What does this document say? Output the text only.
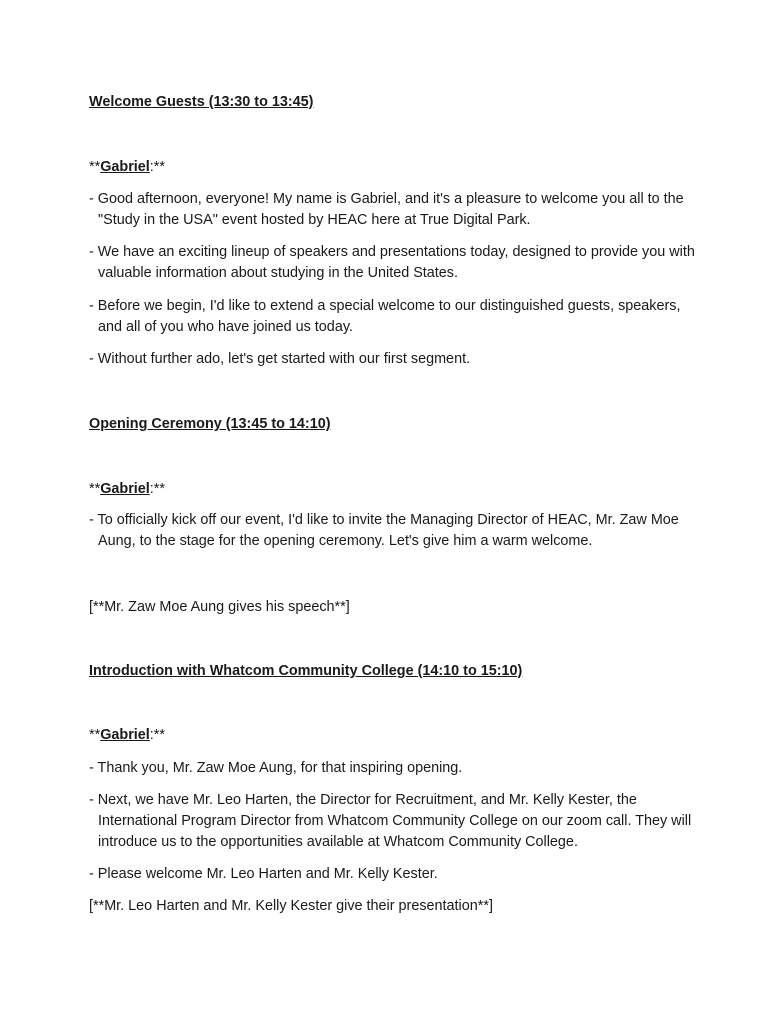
Welcome Guests (13:30 to 13:45)
**Gabriel:**
- Good afternoon, everyone! My name is Gabriel, and it's a pleasure to welcome you all to the "Study in the USA" event hosted by HEAC here at True Digital Park.
- We have an exciting lineup of speakers and presentations today, designed to provide you with valuable information about studying in the United States.
- Before we begin, I'd like to extend a special welcome to our distinguished guests, speakers, and all of you who have joined us today.
- Without further ado, let's get started with our first segment.
Opening Ceremony (13:45 to 14:10)
**Gabriel:**
- To officially kick off our event, I'd like to invite the Managing Director of HEAC, Mr. Zaw Moe Aung, to the stage for the opening ceremony. Let's give him a warm welcome.
[**Mr. Zaw Moe Aung gives his speech**]
Introduction with Whatcom Community College (14:10 to 15:10)
**Gabriel:**
- Thank you, Mr. Zaw Moe Aung, for that inspiring opening.
- Next, we have Mr. Leo Harten, the Director for Recruitment, and Mr. Kelly Kester, the International Program Director from Whatcom Community College on our zoom call. They will introduce us to the opportunities available at Whatcom Community College.
- Please welcome Mr. Leo Harten and Mr. Kelly Kester.
[**Mr. Leo Harten and Mr. Kelly Kester give their presentation**]
